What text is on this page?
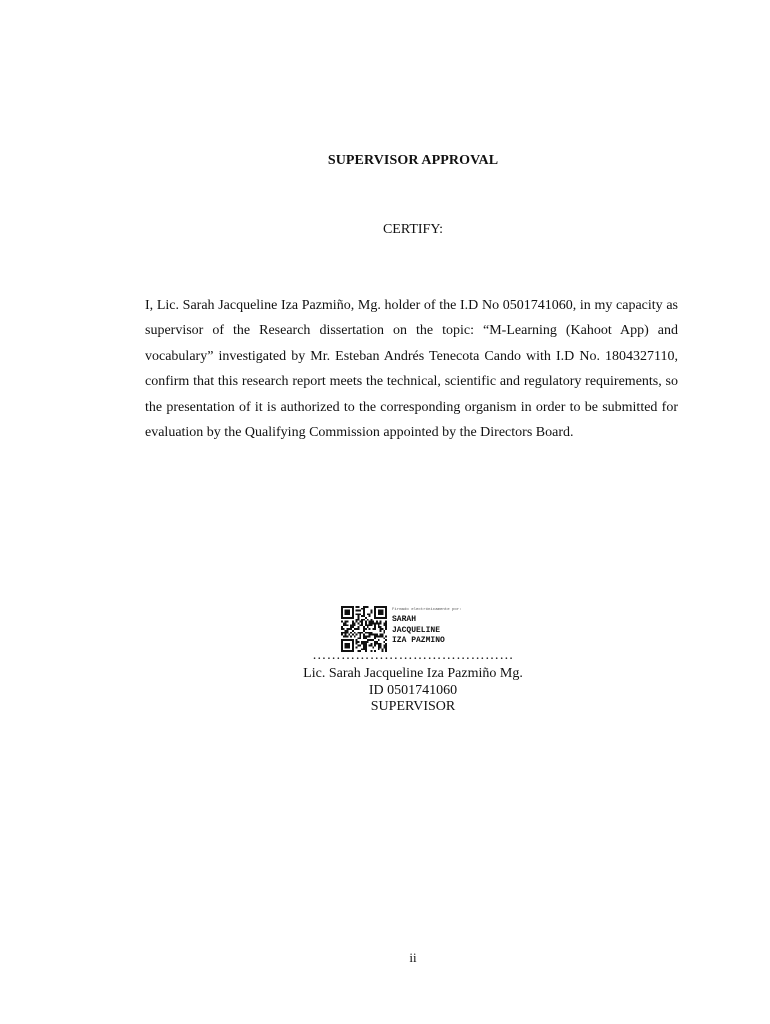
SUPERVISOR APPROVAL
CERTIFY:

I, Lic. Sarah Jacqueline Iza Pazmiño, Mg. holder of the I.D No 0501741060, in my capacity as supervisor of the Research dissertation on the topic: “M-Learning (Kahoot App) and vocabulary” investigated by Mr. Esteban Andrés Tenecota Cando with I.D No. 1804327110, confirm that this research report meets the technical, scientific and regulatory requirements, so the presentation of it is authorized to the corresponding organism in order to be submitted for evaluation by the Qualifying Commission appointed by the Directors Board.

Firmado electrónicamente por:
SARAH
JACQUELINE
IZA PAZMINO
……………………………………
Lic. Sarah Jacqueline Iza Pazmiño Mg.
ID 0501741060
SUPERVISOR
ii
